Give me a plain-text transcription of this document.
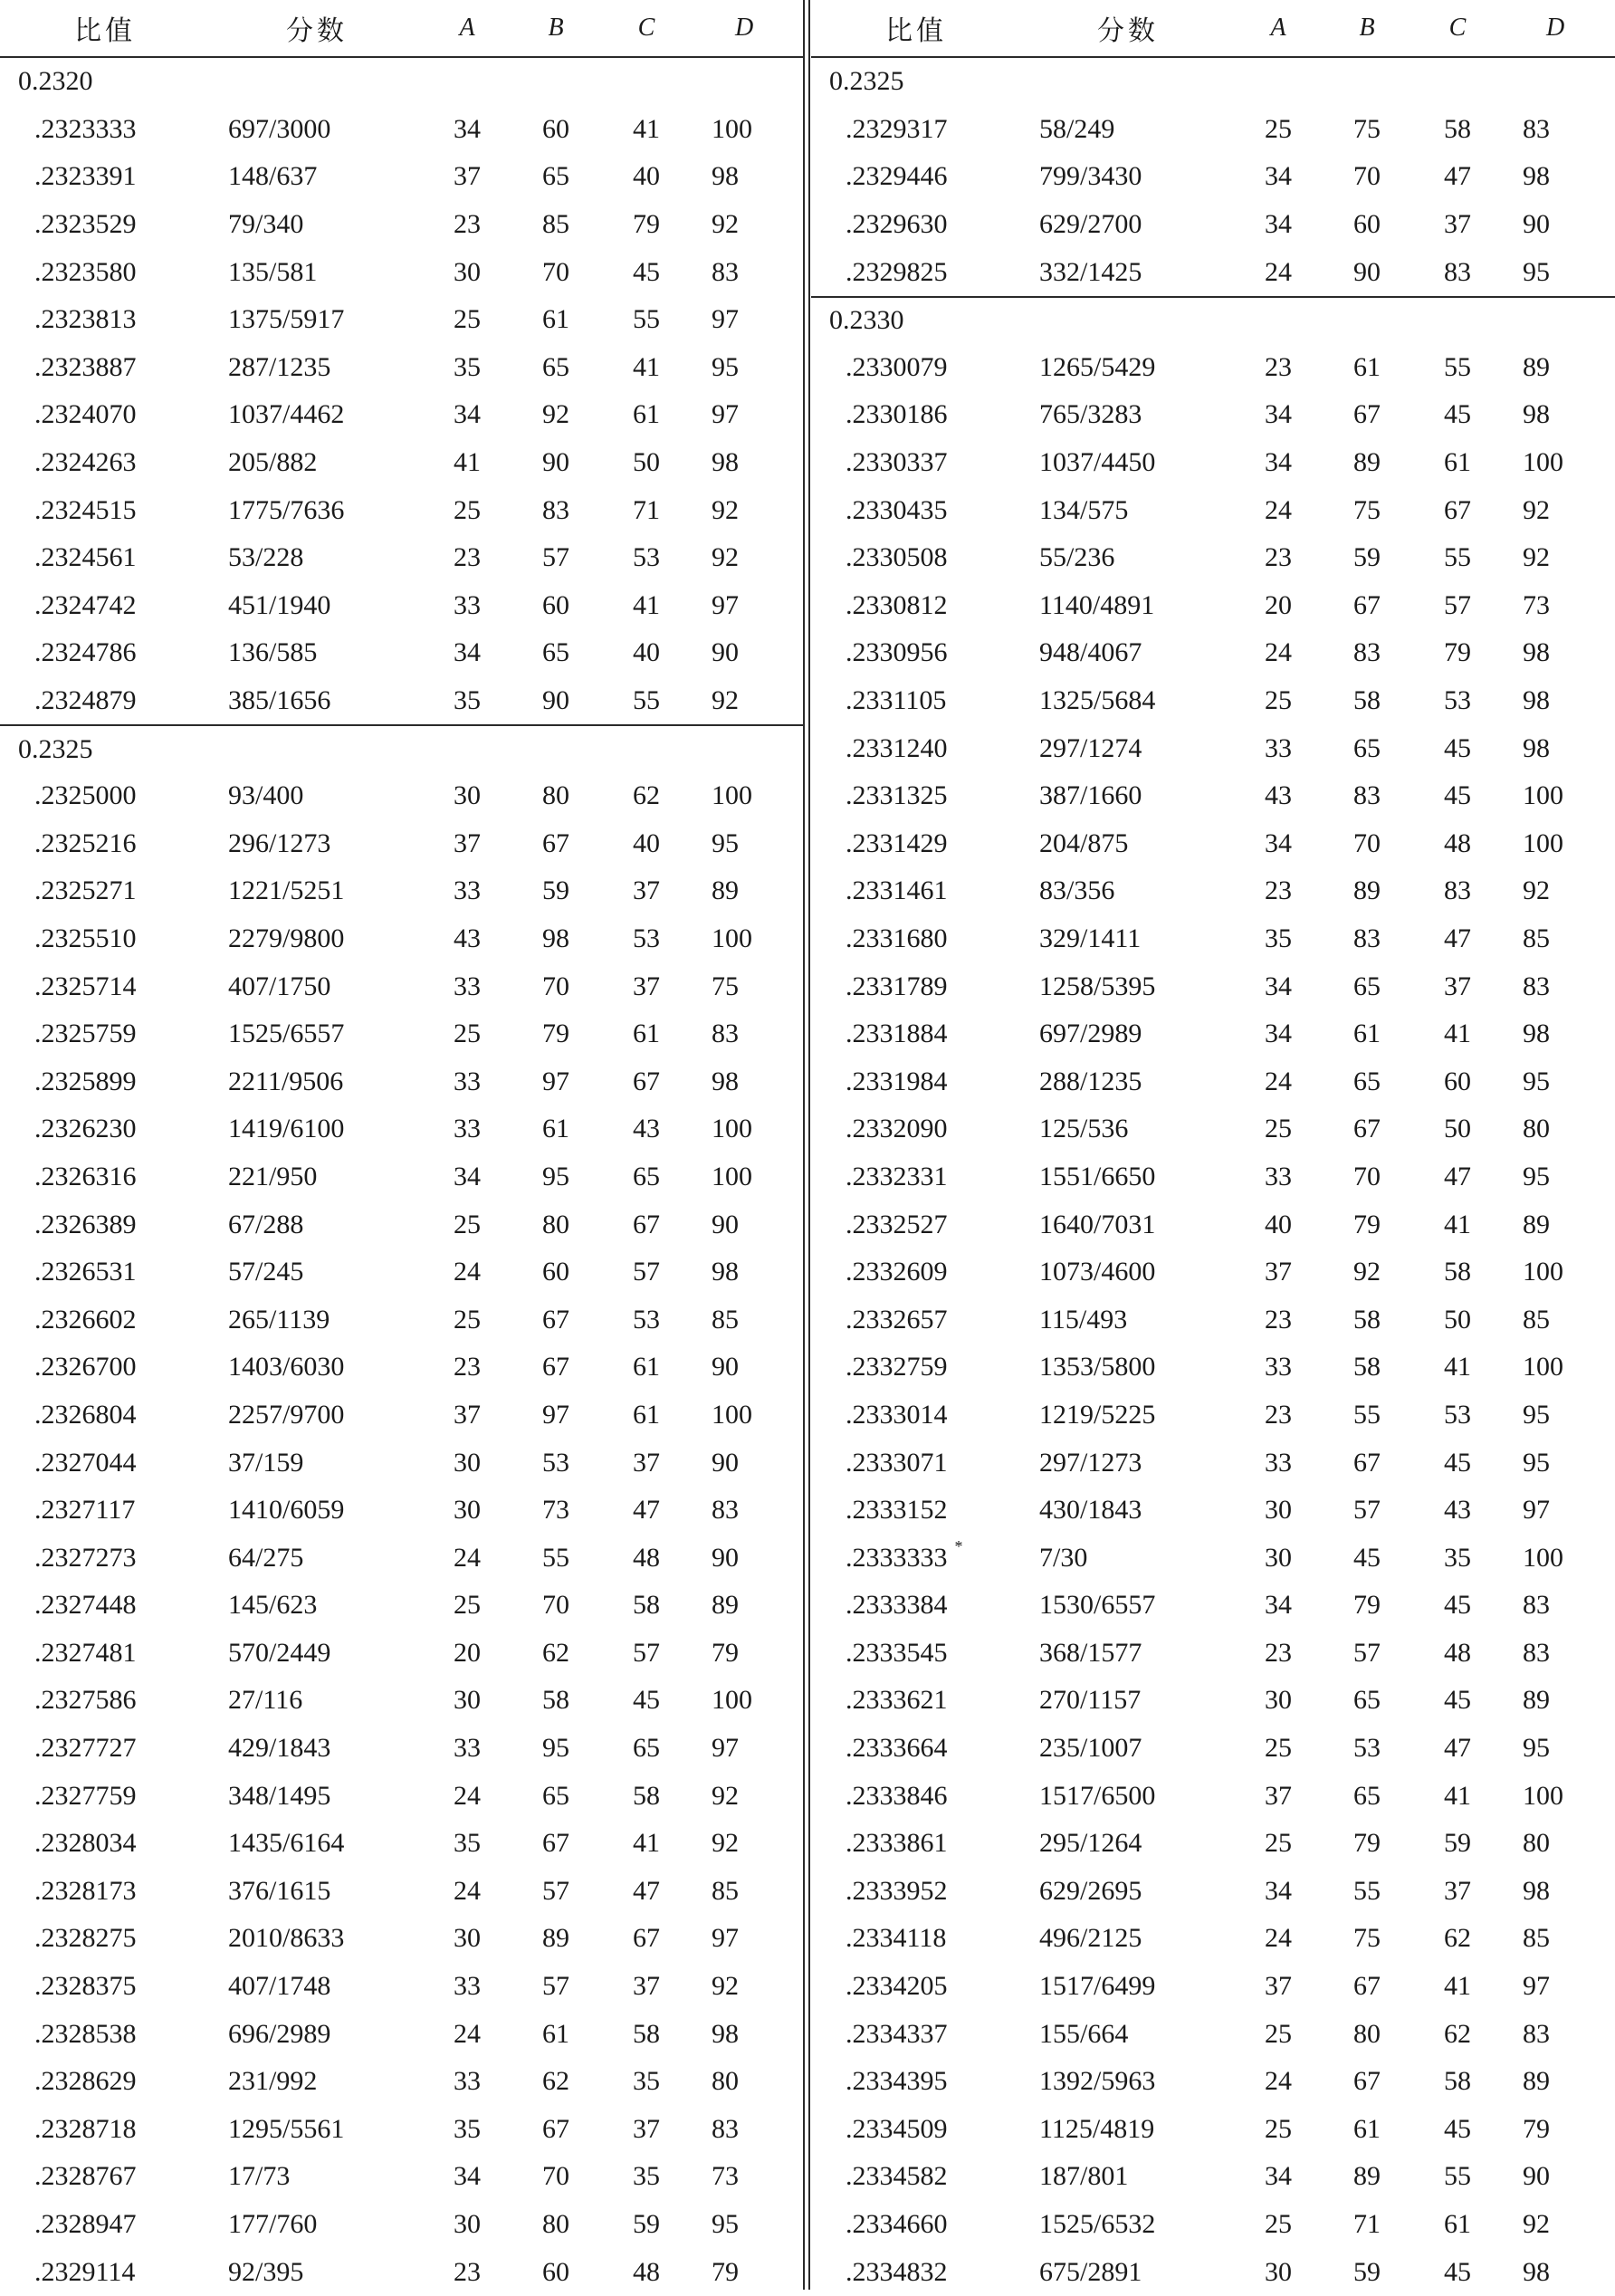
比值	分数	A	B	C	D
0.2320
.2323333	697/3000	34 60 41 100
.2323391	148/637	37 65 40 98
.2323529	79/340	23 85 79 92
.2323580	135/581	30 70 45 83
.2323813	1375/5917	25 61 55 97
.2323887	287/1235	35 65 41 95
.2324070	1037/4462	34 92 61 97
.2324263	205/882	41 90 50 98
.2324515	1775/7636	25 83 71 92
.2324561	53/228	23 57 53 92
.2324742	451/1940	33 60 41 97
.2324786	136/585	34 65 40 90
.2324879	385/1656	35 90 55 92
0.2325
.2325000	93/400	30 80 62 100
.2325216	296/1273	37 67 40 95
.2325271	1221/5251	33 59 37 89
.2325510	2279/9800	43 98 53 100
.2325714	407/1750	33 70 37 75
.2325759	1525/6557	25 79 61 83
.2325899	2211/9506	33 97 67 98
.2326230	1419/6100	33 61 43 100
.2326316	221/950	34 95 65 100
.2326389	67/288	25 80 67 90
.2326531	57/245	24 60 57 98
.2326602	265/1139	25 67 53 85
.2326700	1403/6030	23 67 61 90
.2326804	2257/9700	37 97 61 100
.2327044	37/159	30 53 37 90
.2327117	1410/6059	30 73 47 83
.2327273	64/275	24 55 48 90
.2327448	145/623	25 70 58 89
.2327481	570/2449	20 62 57 79
.2327586	27/116	30 58 45 100
.2327727	429/1843	33 95 65 97
.2327759	348/1495	24 65 58 92
.2328034	1435/6164	35 67 41 92
.2328173	376/1615	24 57 47 85
.2328275	2010/8633	30 89 67 97
.2328375	407/1748	33 57 37 92
.2328538	696/2989	24 61 58 98
.2328629	231/992	33 62 35 80
.2328718	1295/5561	35 67 37 83
.2328767	17/73	34 70 35 73
.2328947	177/760	30 80 59 95
.2329114	92/395	23 60 48 79
比值	分数	A	B	C	D
0.2325
.2329317	58/249	25 75 58 83
.2329446	799/3430	34 70 47 98
.2329630	629/2700	34 60 37 90
.2329825	332/1425	24 90 83 95
0.2330
.2330079	1265/5429	23 61 55 89
.2330186	765/3283	34 67 45 98
.2330337	1037/4450	34 89 61 100
.2330435	134/575	24 75 67 92
.2330508	55/236	23 59 55 92
.2330812	1140/4891	20 67 57 73
.2330956	948/4067	24 83 79 98
.2331105	1325/5684	25 58 53 98
.2331240	297/1274	33 65 45 98
.2331325	387/1660	43 83 45 100
.2331429	204/875	34 70 48 100
.2331461	83/356	23 89 83 92
.2331680	329/1411	35 83 47 85
.2331789	1258/5395	34 65 37 83
.2331884	697/2989	34 61 41 98
.2331984	288/1235	24 65 60 95
.2332090	125/536	25 67 50 80
.2332331	1551/6650	33 70 47 95
.2332527	1640/7031	40 79 41 89
.2332609	1073/4600	37 92 58 100
.2332657	115/493	23 58 50 85
.2332759	1353/5800	33 58 41 100
.2333014	1219/5225	23 55 53 95
.2333071	297/1273	33 67 45 95
.2333152	430/1843	30 57 43 97
.2333333 *	7/30	30 45 35 100
.2333384	1530/6557	34 79 45 83
.2333545	368/1577	23 57 48 83
.2333621	270/1157	30 65 45 89
.2333664	235/1007	25 53 47 95
.2333846	1517/6500	37 65 41 100
.2333861	295/1264	25 79 59 80
.2333952	629/2695	34 55 37 98
.2334118	496/2125	24 75 62 85
.2334205	1517/6499	37 67 41 97
.2334337	155/664	25 80 62 83
.2334395	1392/5963	24 67 58 89
.2334509	1125/4819	25 61 45 79
.2334582	187/801	34 89 55 90
.2334660	1525/6532	25 71 61 92
.2334832	675/2891	30 59 45 98
